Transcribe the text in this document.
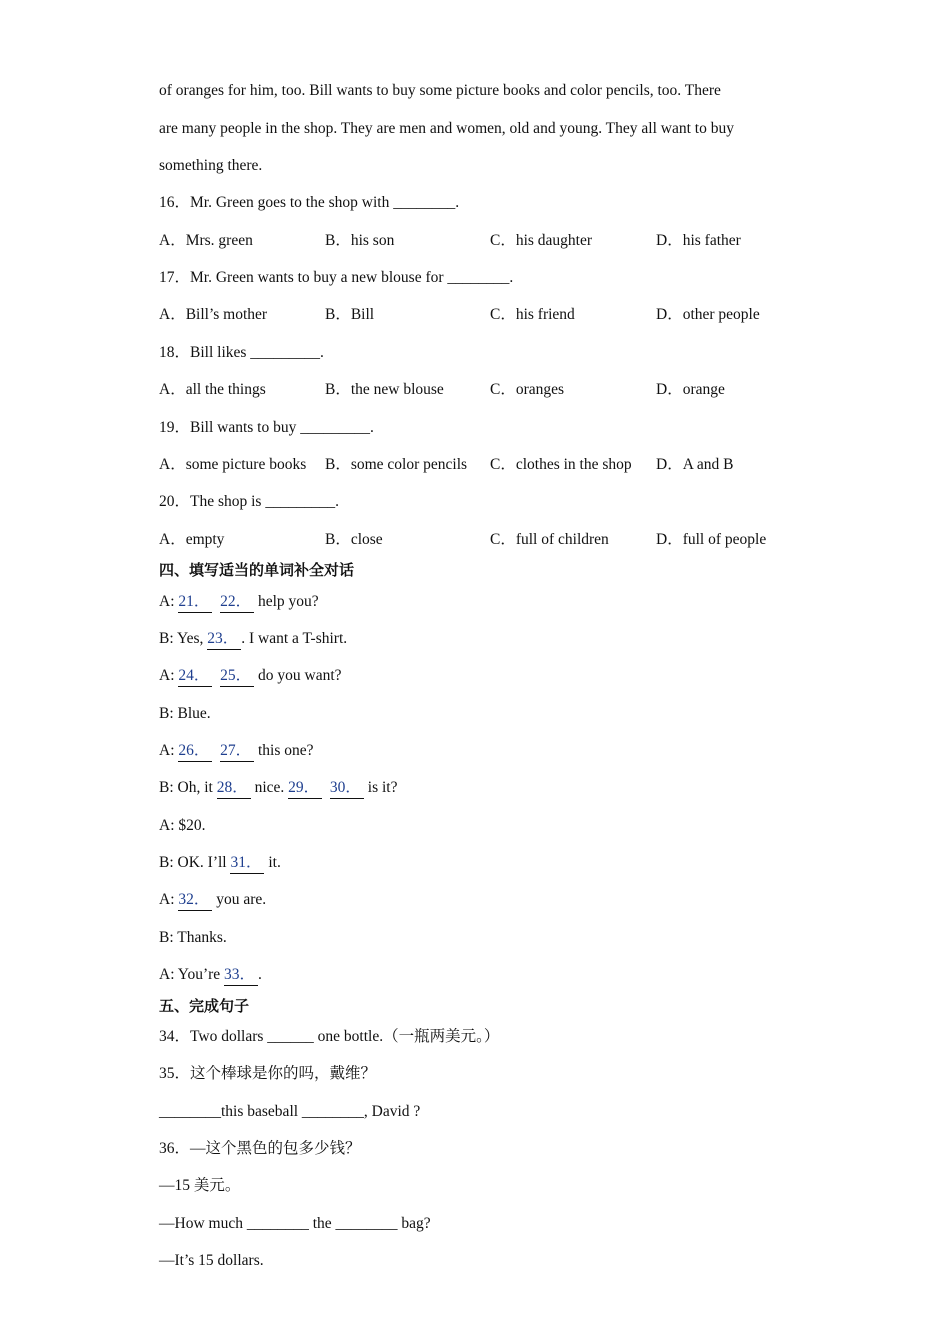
of oranges for him, too. Bill wants to buy some picture books and color pencils, too. There
are many people in the shop. They are men and women, old and young. They all want to buy
something there.
16．Mr. Green goes to the shop with ________.
A．Mrs. green	B．his son	C．his daughter	D．his father
17．Mr. Green wants to buy a new blouse for ________.
A．Bill’s mother	B．Bill	C．his friend	D．other people
18．Bill likes _________.
A．all the things	B．the new blouse	C．oranges	D．orange
19．Bill wants to buy _________.
A．some picture books B．some color pencils C．clothes in the shop D．A and B
20．The shop is _________.
A．empty	B．close	C．full of children	D．full of people
四、填写适当的单词补全对话
A: 21．  22． help you?
B: Yes, 23． . I want a T-shirt.
A: 24．  25． do you want?
B: Blue.
A: 26．  27． this one?
B: Oh, it 28． nice. 29．  30． is it?
A: $20.
B: OK. I’ll 31． it.
A: 32． you are.
B: Thanks.
A: You’re 33． .
五、完成句子
34．Two dollars ______ one bottle.（一瓶两美元。）
35．这个棒球是你的吗，戴维？
________this baseball ________, David ?
36．—这个黑色的包多少钱？
—15 美元。
—How much ________ the ________ bag?
—It’s 15 dollars.
